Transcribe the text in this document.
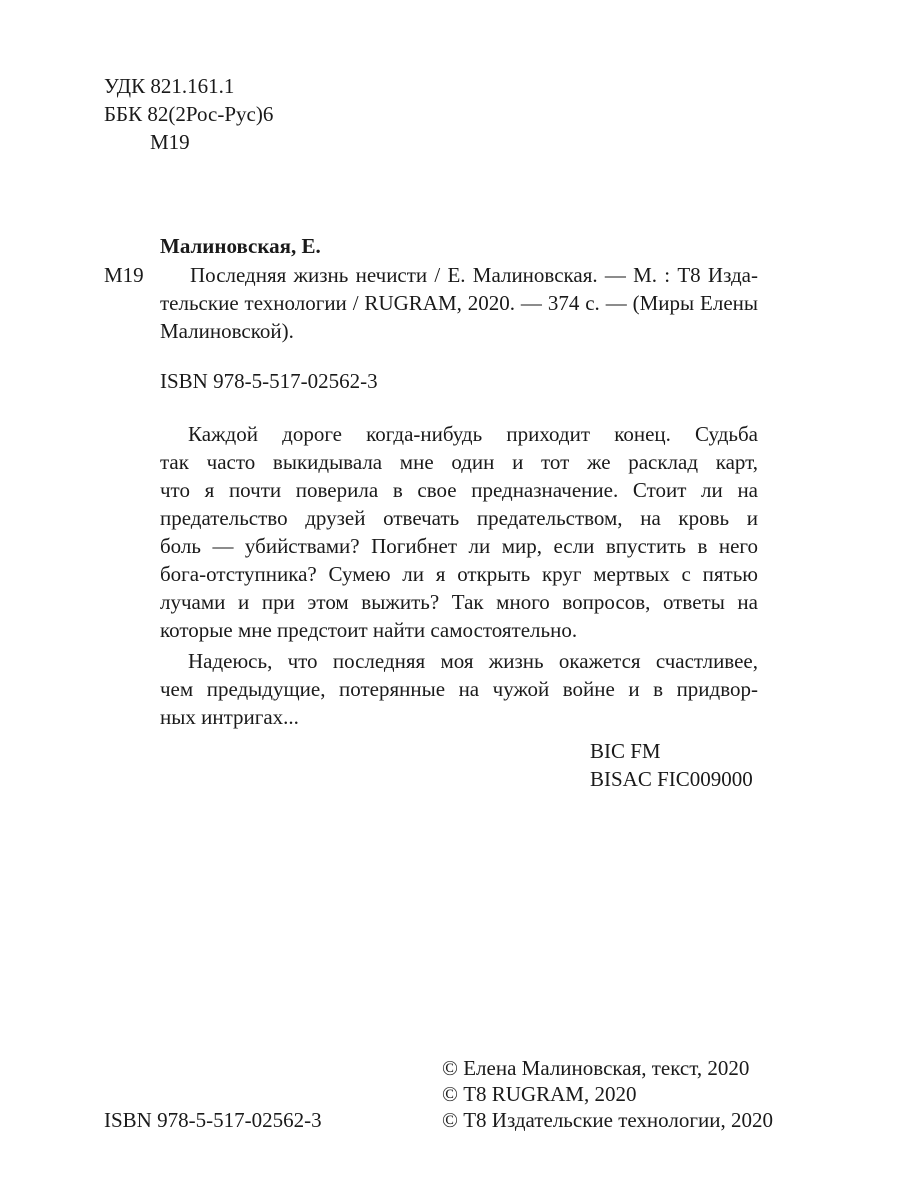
УДК 821.161.1

ББК 82(2Рос-Рус)6

М19

Малиновская, Е.

М19 Последняя жизнь нечисти / Е. Малиновская. — М. : Т8 Изда-

тельские технологии / RUGRAM, 2020. — 374 с. — (Миры Елены

Малиновской).

ISBN 978-5-517-02562-3

Каждой дороге когда-нибудь приходит конец. Судьба

так часто выкидывала мне один и тот же расклад карт,

что я почти поверила в свое предназначение. Стоит ли на

предательство друзей отвечать предательством, на кровь и

боль — убийствами? Погибнет ли мир, если впустить в него

бога-отступника? Сумею ли я открыть круг мертвых с пятью

лучами и при этом выжить? Так много вопросов, ответы на

которые мне предстоит найти самостоятельно.

Надеюсь, что последняя моя жизнь окажется счастливее,

чем предыдущие, потерянные на чужой войне и в придвор-

ных интригах...

BIC FM

BISAC FIC009000

© Елена Малиновская, текст, 2020

© Т8 RUGRAM, 2020

ISBN 978-5-517-02562-3	© Т8 Издательские технологии, 2020
